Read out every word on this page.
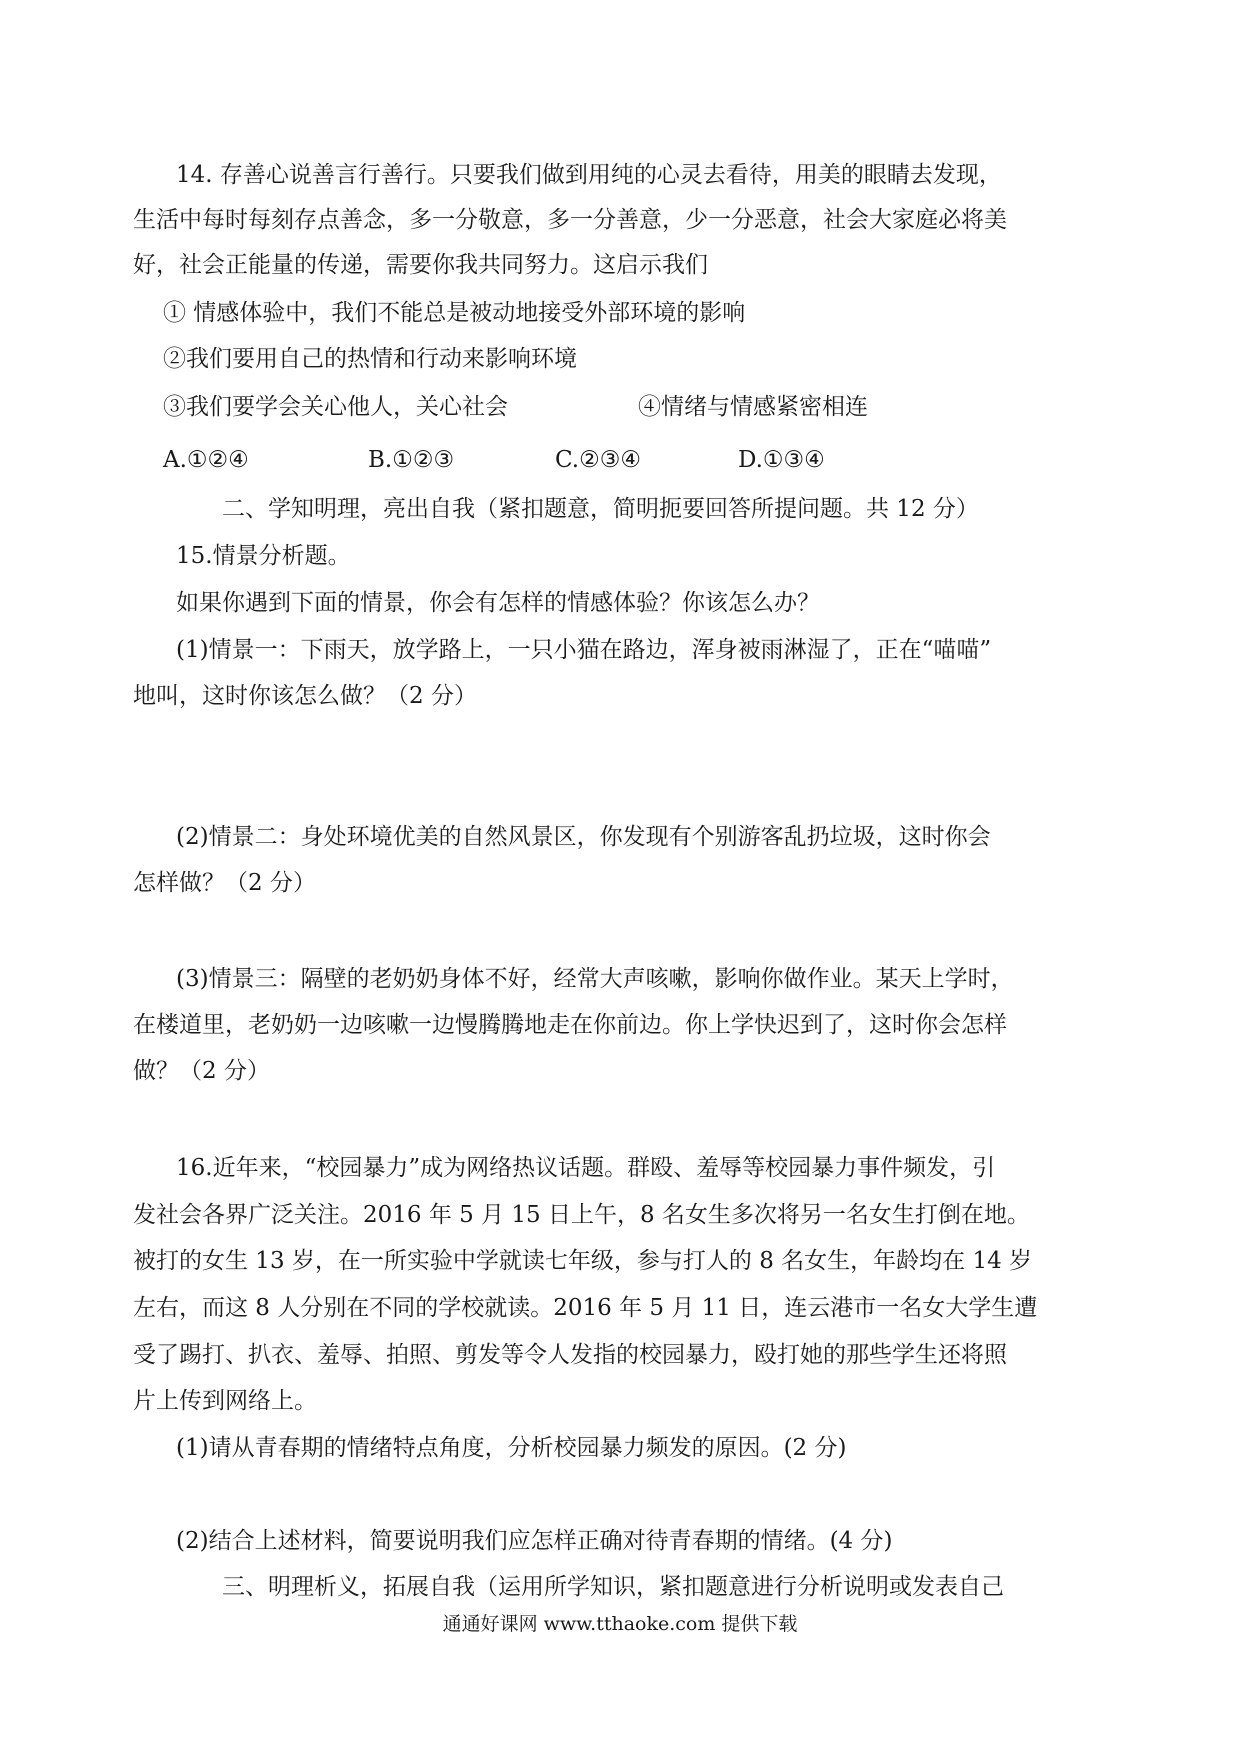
14. 存善心说善言行善行。只要我们做到用纯的心灵去看待，用美的眼睛去发现，

生活中每时每刻存点善念，多一分敬意，多一分善意，少一分恶意，社会大家庭必将美

好，社会正能量的传递，需要你我共同努力。这启示我们

① 情感体验中，我们不能总是被动地接受外部环境的影响

②我们要用自己的热情和行动来影响环境

③我们要学会关心他人，关心社会	④情绪与情感紧密相连

A.①②④	B.①②③	C.②③④	D.①③④

二、学知明理，亮出自我（紧扣题意，简明扼要回答所提问题。共 12 分）

15.情景分析题。

如果你遇到下面的情景，你会有怎样的情感体验？你该怎么办？

(1)情景一：下雨天，放学路上，一只小猫在路边，浑身被雨淋湿了，正在“喵喵”

地叫，这时你该怎么做？（2 分）

(2)情景二：身处环境优美的自然风景区，你发现有个别游客乱扔垃圾，这时你会

怎样做？（2 分）

(3)情景三：隔壁的老奶奶身体不好，经常大声咳嗽，影响你做作业。某天上学时，

在楼道里，老奶奶一边咳嗽一边慢腾腾地走在你前边。你上学快迟到了，这时你会怎样

做？（2 分）

16.近年来，“校园暴力”成为网络热议话题。群殴、羞辱等校园暴力事件频发，引

发社会各界广泛关注。2016 年 5 月 15 日上午，8 名女生多次将另一名女生打倒在地。

被打的女生 13 岁，在一所实验中学就读七年级，参与打人的 8 名女生，年龄均在 14 岁

左右，而这 8 人分别在不同的学校就读。2016 年 5 月 11 日，连云港市一名女大学生遭

受了踢打、扒衣、羞辱、拍照、剪发等令人发指的校园暴力，殴打她的那些学生还将照

片上传到网络上。

(1)请从青春期的情绪特点角度，分析校园暴力频发的原因。(2 分)

(2)结合上述材料，简要说明我们应怎样正确对待青春期的情绪。(4 分)

三、明理析义，拓展自我（运用所学知识，紧扣题意进行分析说明或发表自己

通通好课网 www.tthaoke.com 提供下载
